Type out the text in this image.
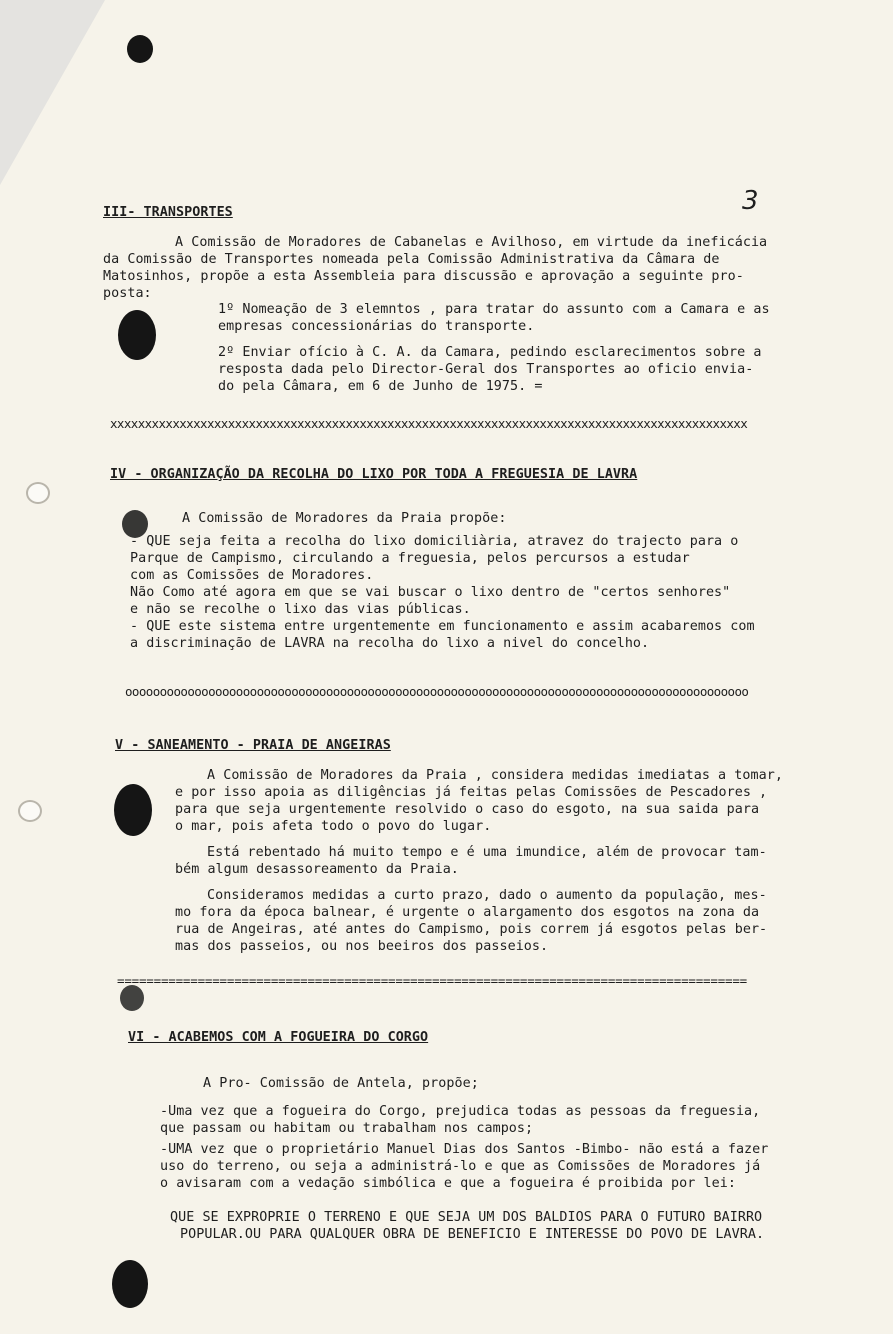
3
III- TRANSPORTES
A Comissão de Moradores de Cabanelas e Avilhoso, em virtude da ineficácia
da Comissão de Transportes nomeada pela Comissão Administrativa da Câmara de
Matosinhos, propõe a esta Assembleia para discussão e aprovação a seguinte pro-
posta:
1º Nomeação de 3 elemntos , para tratar do assunto com a Camara e as
empresas concessionárias do transporte.
2º Enviar ofício à C. A. da Camara, pedindo esclarecimentos sobre a
resposta dada pelo Director-Geral dos Transportes ao oficio envia-
do pela Câmara, em 6 de Junho de 1975. =
xxxxxxxxxxxxxxxxxxxxxxxxxxxxxxxxxxxxxxxxxxxxxxxxxxxxxxxxxxxxxxxxxxxxxxxxxxxxxxxxxxxxxxxxxxxx
IV - ORGANIZAÇÃO DA RECOLHA DO LIXO POR TODA A FREGUESIA DE LAVRA
A Comissão de Moradores da Praia propõe:
- QUE seja feita a recolha do lixo domiciliària, atravez do trajecto para o
Parque de Campismo, circulando a freguesia, pelos percursos a estudar
com as Comissões de Moradores.
Não Como até agora em que se vai buscar o lixo dentro de "certos senhores"
e não se recolhe o lixo das vias públicas.
- QUE este sistema entre urgentemente em funcionamento e assim acabaremos com
a discriminação de LAVRA na recolha do lixo a nivel do concelho.
oooooooooooooooooooooooooooooooooooooooooooooooooooooooooooooooooooooooooooooooooooooooooo
V - SANEAMENTO - PRAIA DE ANGEIRAS
A Comissão de Moradores da Praia , considera medidas imediatas a tomar,
e por isso apoia as diligências já feitas pelas Comissões de Pescadores ,
para que seja urgentemente resolvido o caso do esgoto, na sua saida para
o mar, pois afeta todo o povo do lugar.
Está rebentado há muito tempo e é uma imundice, além de provocar tam-
bém algum desassoreamento da Praia.
Consideramos medidas a curto prazo, dado o aumento da população, mes-
mo fora da época balnear, é urgente o alargamento dos esgotos na zona da
rua de Angeiras, até antes do Campismo, pois correm já esgotos pelas ber-
mas dos passeios, ou nos beeiros dos passeios.
======================================================================================
VI - ACABEMOS COM A FOGUEIRA DO CORGO
A Pro- Comissão de Antela, propõe;
-Uma vez que a fogueira do Corgo, prejudica todas as pessoas da freguesia,
que passam ou habitam ou trabalham nos campos;
-UMA vez que o proprietário Manuel Dias dos Santos -Bimbo- não está a fazer
uso do terreno, ou seja a administrá-lo e que as Comissões de Moradores já
o avisaram com a vedação simbólica e que a fogueira é proibida por lei:
QUE SE EXPROPRIE O TERRENO E QUE SEJA UM DOS BALDIOS PARA O FUTURO BAIRRO
POPULAR.OU PARA QUALQUER OBRA DE BENEFICIO E INTERESSE DO POVO DE LAVRA.
